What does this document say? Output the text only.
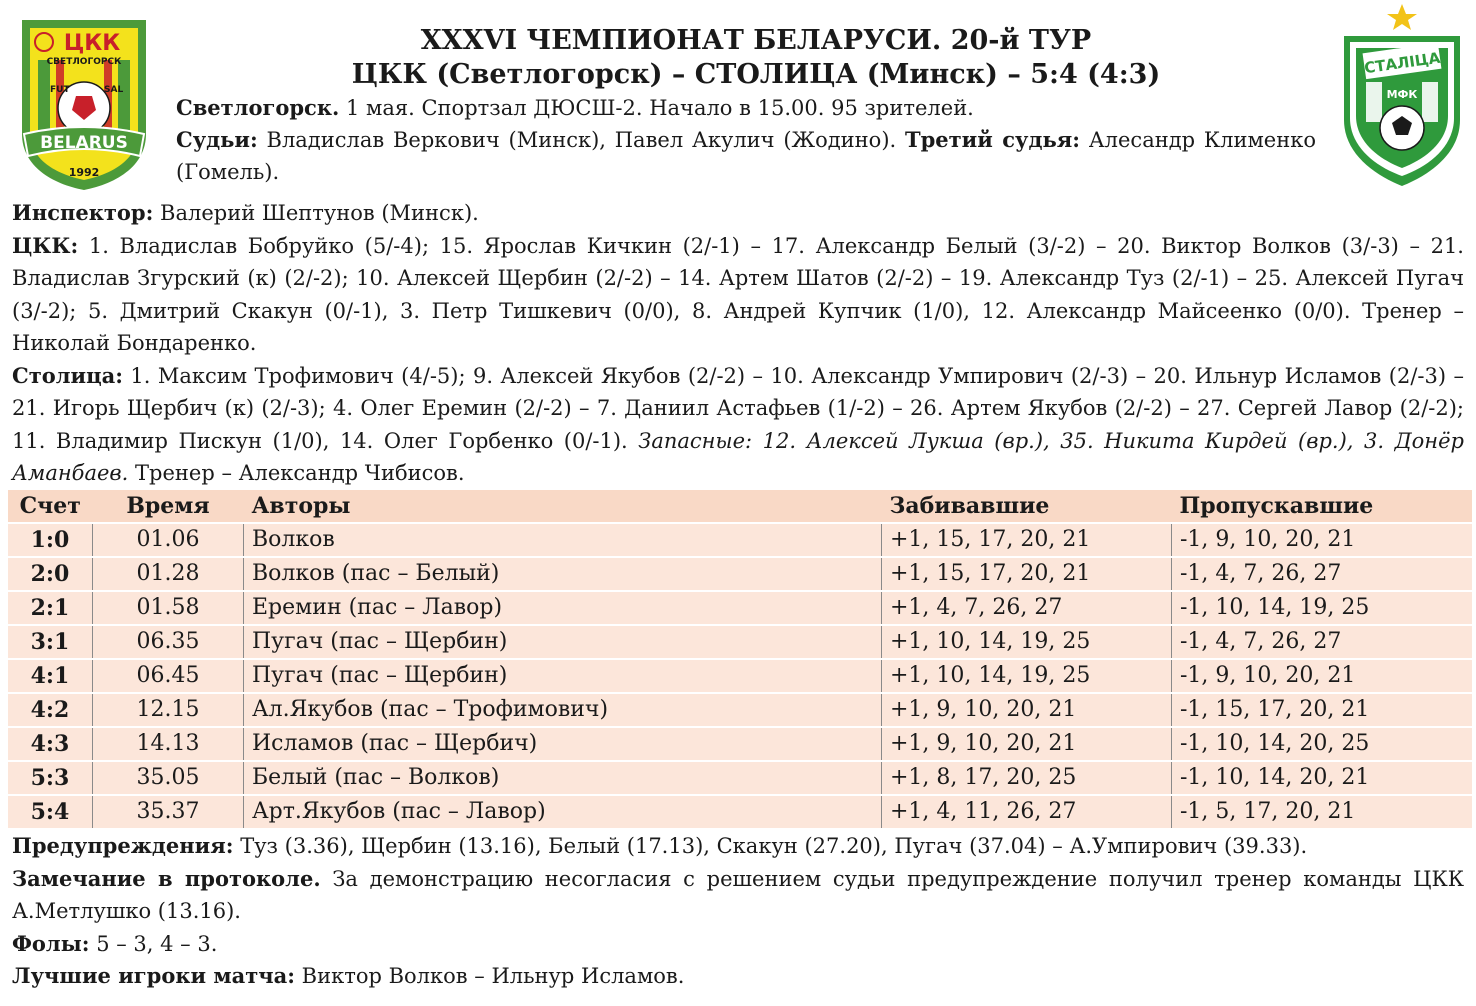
ЦКК
СВЕТЛОГОРСК
FUT	SAL
BELARUS
1992
СТАЛІЦА
МФК
XXXVI ЧЕМПИОНАТ БЕЛАРУСИ. 20-й ТУР
ЦКК (Светлогорск) – СТОЛИЦА (Минск) – 5:4 (4:3)
Светлогорск. 1 мая. Спортзал ДЮСШ-2. Начало в 15.00. 95 зрителей.
Судьи: Владислав Веркович (Минск), Павел Акулич (Жодино). Третий судья: Алесандр Клименко (Гомель).
Инспектор: Валерий Шептунов (Минск).
ЦКК: 1. Владислав Бобруйко (5/-4); 15. Ярослав Кичкин (2/-1) – 17. Александр Белый (3/-2) – 20. Виктор Волков (3/-3) – 21. Владислав Згурский (к) (2/-2); 10. Алексей Щербин (2/-2) – 14. Артем Шатов (2/-2) – 19. Александр Туз (2/-1) – 25. Алексей Пугач (3/-2); 5. Дмитрий Скакун (0/-1), 3. Петр Тишкевич (0/0), 8. Андрей Купчик (1/0), 12. Александр Майсеенко (0/0). Тренер – Николай Бондаренко.
Столица: 1. Максим Трофимович (4/-5); 9. Алексей Якубов (2/-2) – 10. Александр Умпирович (2/-3) – 20. Ильнур Исламов (2/-3) – 21. Игорь Щербич (к) (2/-3); 4. Олег Еремин (2/-2) – 7. Даниил Астафьев (1/-2) – 26. Артем Якубов (2/-2) – 27. Сергей Лавор (2/-2); 11. Владимир Пискун (1/0), 14. Олег Горбенко (0/-1). Запасные: 12. Алексей Лукша (вр.), 35. Никита Кирдей (вр.), 3. Донёр Аманбаев. Тренер – Александр Чибисов.
Счет	Время	Авторы	Забивавшие	Пропускавшие
1:0	01.06	Волков	+1, 15, 17, 20, 21	-1, 9, 10, 20, 21
2:0	01.28	Волков (пас – Белый)	+1, 15, 17, 20, 21	-1, 4, 7, 26, 27
2:1	01.58	Еремин (пас – Лавор)	+1, 4, 7, 26, 27	-1, 10, 14, 19, 25
3:1	06.35	Пугач (пас – Щербин)	+1, 10, 14, 19, 25	-1, 4, 7, 26, 27
4:1	06.45	Пугач (пас – Щербин)	+1, 10, 14, 19, 25	-1, 9, 10, 20, 21
4:2	12.15	Ал.Якубов (пас – Трофимович)	+1, 9, 10, 20, 21	-1, 15, 17, 20, 21
4:3	14.13	Исламов (пас – Щербич)	+1, 9, 10, 20, 21	-1, 10, 14, 20, 25
5:3	35.05	Белый (пас – Волков)	+1, 8, 17, 20, 25	-1, 10, 14, 20, 21
5:4	35.37	Арт.Якубов (пас – Лавор)	+1, 4, 11, 26, 27	-1, 5, 17, 20, 21
Предупреждения: Туз (3.36), Щербин (13.16), Белый (17.13), Скакун (27.20), Пугач (37.04) – А.Умпирович (39.33).
Замечание в протоколе. За демонстрацию несогласия с решением судьи предупреждение получил тренер команды ЦКК А.Метлушко (13.16).
Фолы: 5 – 3, 4 – 3.
Лучшие игроки матча: Виктор Волков – Ильнур Исламов.
